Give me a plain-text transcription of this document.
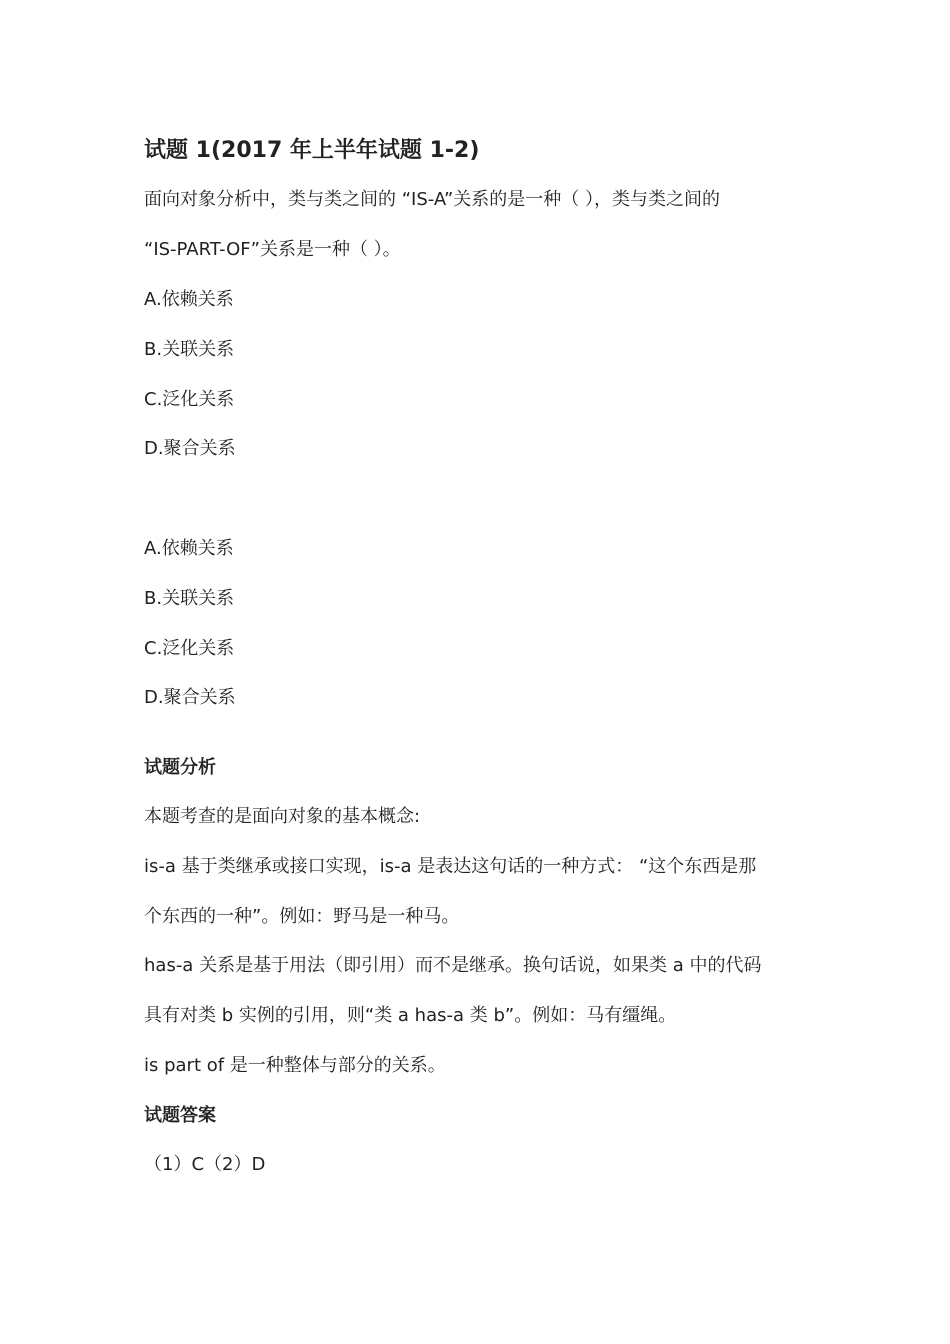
试题 1(2017 年上半年试题 1-2)
面向对象分析中，类与类之间的 “IS-A”关系的是一种（ ），类与类之间的
“IS-PART-OF”关系是一种（ ）。
A.依赖关系
B.关联关系
C.泛化关系
D.聚合关系
A.依赖关系
B.关联关系
C.泛化关系
D.聚合关系
试题分析
本题考查的是面向对象的基本概念:
is-a 基于类继承或接口实现，is-a 是表达这句话的一种方式： “这个东西是那
个东西的一种”。例如：野马是一种马。
has-a 关系是基于用法（即引用）而不是继承。换句话说，如果类 a 中的代码
具有对类 b 实例的引用，则“类 a has-a 类 b”。例如：马有缰绳。
is part of 是一种整体与部分的关系。
试题答案
（1）C（2）D
